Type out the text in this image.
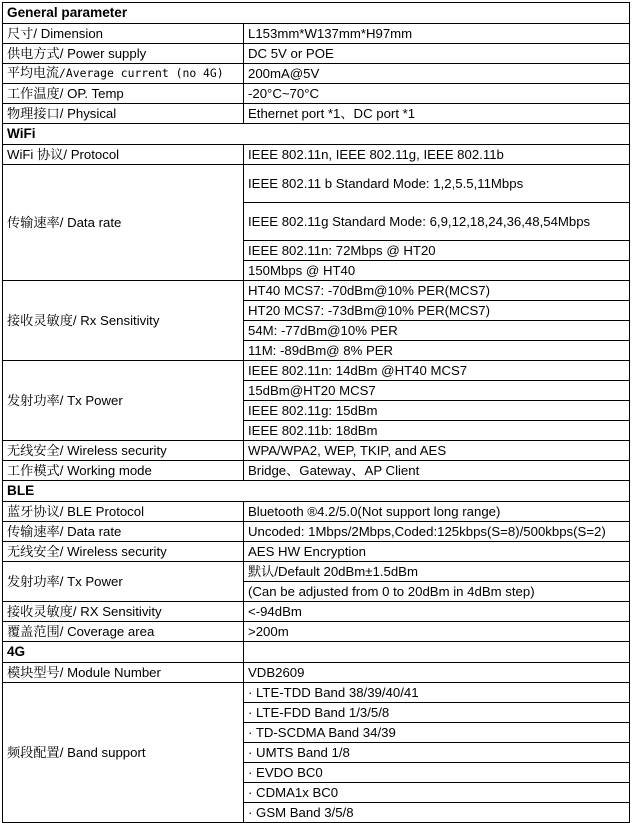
General parameter	
尺寸/ Dimension	L153mm*W137mm*H97mm
供电方式/ Power supply	DC 5V or POE
平均电流/Average current (no 4G)	200mA@5V
工作温度/ OP. Temp	-20°C~70°C
物理接口/ Physical	Ethernet port *1、DC port *1
WiFi	
WiFi 协议/ Protocol	IEEE 802.11n, IEEE 802.11g, IEEE 802.11b
传输速率/ Data rate	IEEE 802.11 b Standard Mode: 1,2,5.5,11Mbps
	IEEE 802.11g Standard Mode: 6,9,12,18,24,36,48,54Mbps
	IEEE 802.11n: 72Mbps @ HT20
	150Mbps @ HT40
接收灵敏度/ Rx Sensitivity	HT40 MCS7: -70dBm@10% PER(MCS7)
	HT20 MCS7: -73dBm@10% PER(MCS7)
	54M: -77dBm@10% PER
	11M: -89dBm@ 8% PER
发射功率/ Tx Power	IEEE 802.11n: 14dBm @HT40 MCS7
	15dBm@HT20 MCS7
	IEEE 802.11g: 15dBm
	IEEE 802.11b: 18dBm
无线安全/ Wireless security	WPA/WPA2, WEP, TKIP, and AES
工作模式/ Working mode	Bridge、Gateway、AP Client
BLE	
蓝牙协议/ BLE Protocol	Bluetooth ®4.2/5.0(Not support long range)
传输速率/ Data rate	Uncoded: 1Mbps/2Mbps,Coded:125kbps(S=8)/500kbps(S=2)
无线安全/ Wireless security	AES HW Encryption
发射功率/ Tx Power	默认/Default 20dBm±1.5dBm
	(Can be adjusted from 0 to 20dBm in 4dBm step)
接收灵敏度/ RX Sensitivity	<-94dBm
覆盖范围/ Coverage area	>200m
4G	
模块型号/ Module Number	VDB2609
频段配置/ Band support	· LTE-TDD Band 38/39/40/41
	· LTE-FDD Band 1/3/5/8
	· TD-SCDMA Band 34/39
	· UMTS Band 1/8
	· EVDO BC0
	· CDMA1x BC0
	· GSM Band 3/5/8
